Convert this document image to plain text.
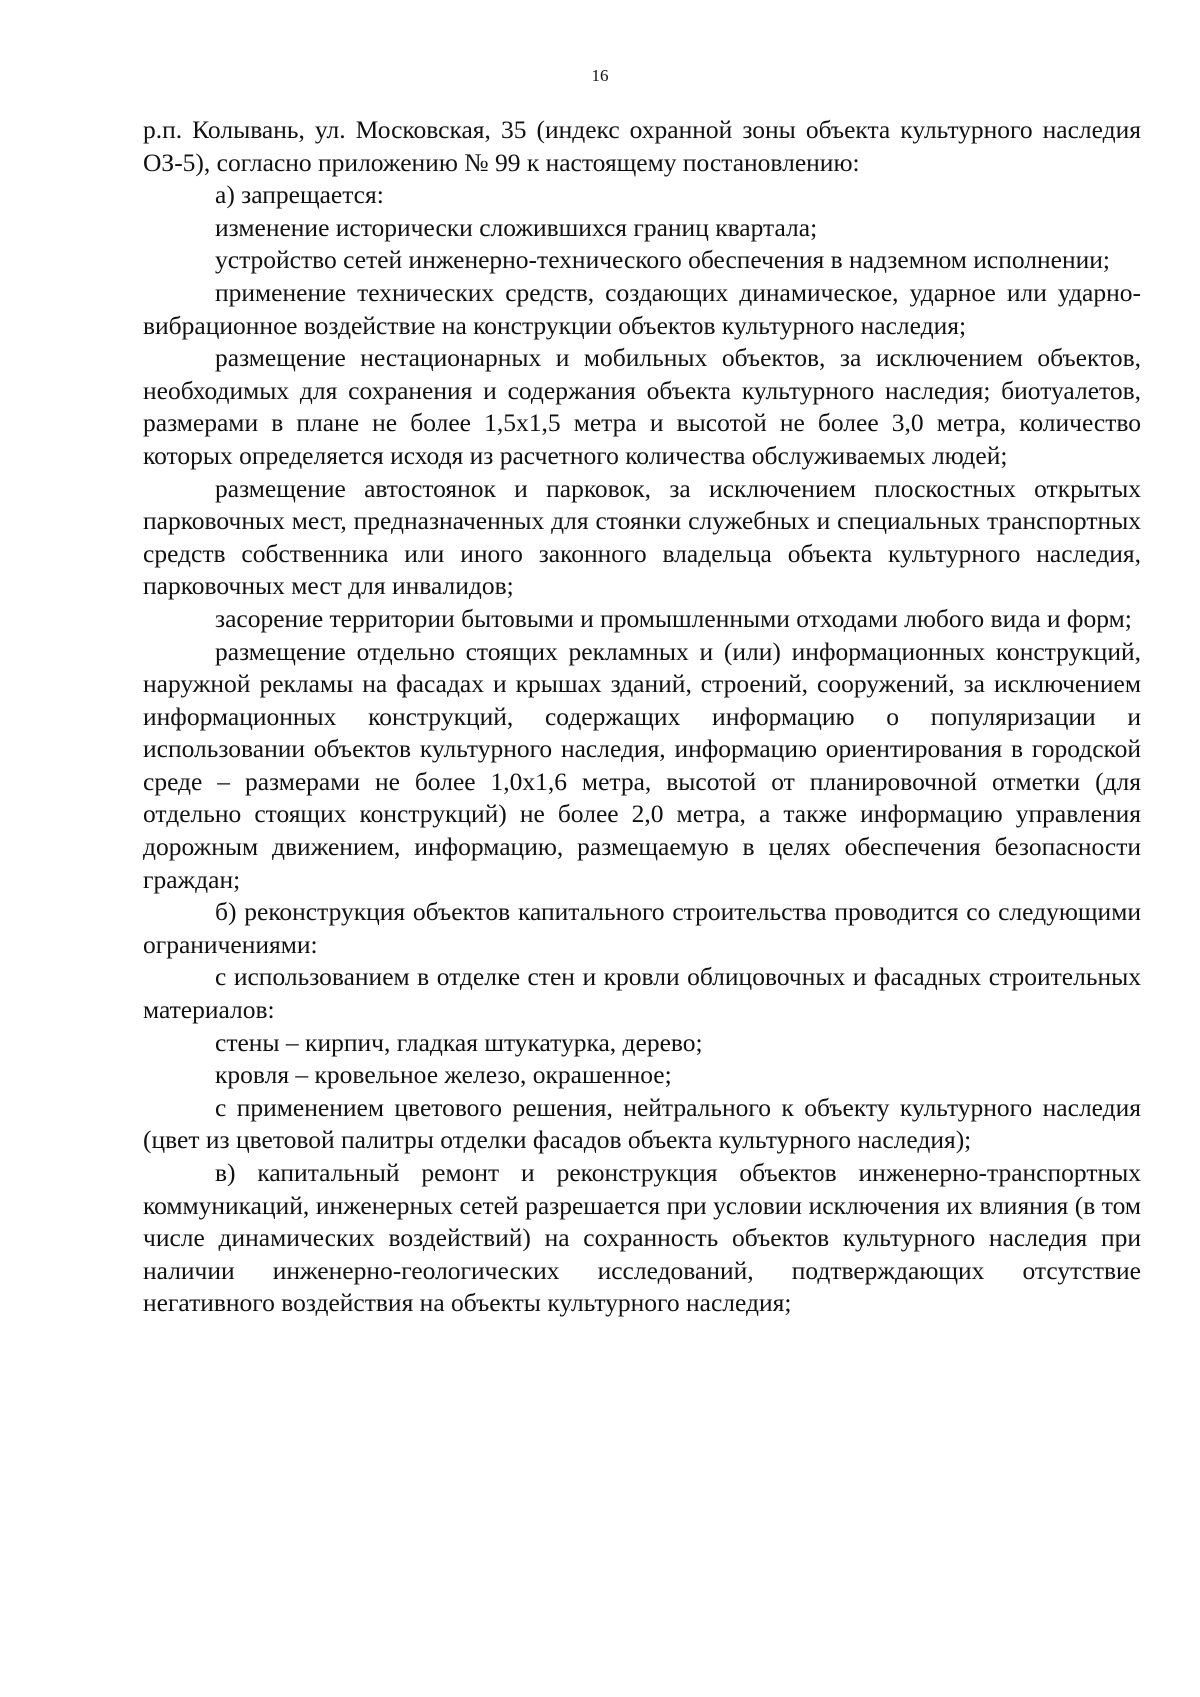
16

р.п. Колывань, ул. Московская, 35 (индекс охранной зоны объекта культурного наследия ОЗ-5), согласно приложению № 99 к настоящему постановлению:

а) запрещается:

изменение исторически сложившихся границ квартала;

устройство сетей инженерно-технического обеспечения в надземном исполнении;

применение технических средств, создающих динамическое, ударное или ударно-вибрационное воздействие на конструкции объектов культурного наследия;

размещение нестационарных и мобильных объектов, за исключением объектов, необходимых для сохранения и содержания объекта культурного наследия; биотуалетов, размерами в плане не более 1,5х1,5 метра и высотой не более 3,0 метра, количество которых определяется исходя из расчетного количества обслуживаемых людей;

размещение автостоянок и парковок, за исключением плоскостных открытых парковочных мест, предназначенных для стоянки служебных и специальных транспортных средств собственника или иного законного владельца объекта культурного наследия, парковочных мест для инвалидов;

засорение территории бытовыми и промышленными отходами любого вида и форм;

размещение отдельно стоящих рекламных и (или) информационных конструкций, наружной рекламы на фасадах и крышах зданий, строений, сооружений, за исключением информационных конструкций, содержащих информацию о популяризации и использовании объектов культурного наследия, информацию ориентирования в городской среде – размерами не более 1,0х1,6 метра, высотой от планировочной отметки (для отдельно стоящих конструкций) не более 2,0 метра, а также информацию управления дорожным движением, информацию, размещаемую в целях обеспечения безопасности граждан;

б) реконструкция объектов капитального строительства проводится со следующими ограничениями:

с использованием в отделке стен и кровли облицовочных и фасадных строительных материалов:

стены – кирпич, гладкая штукатурка, дерево;

кровля – кровельное железо, окрашенное;

с применением цветового решения, нейтрального к объекту культурного наследия (цвет из цветовой палитры отделки фасадов объекта культурного наследия);

в) капитальный ремонт и реконструкция объектов инженерно-транспортных коммуникаций, инженерных сетей разрешается при условии исключения их влияния (в том числе динамических воздействий) на сохранность объектов культурного наследия при наличии инженерно-геологических исследований, подтверждающих отсутствие негативного воздействия на объекты культурного наследия;
